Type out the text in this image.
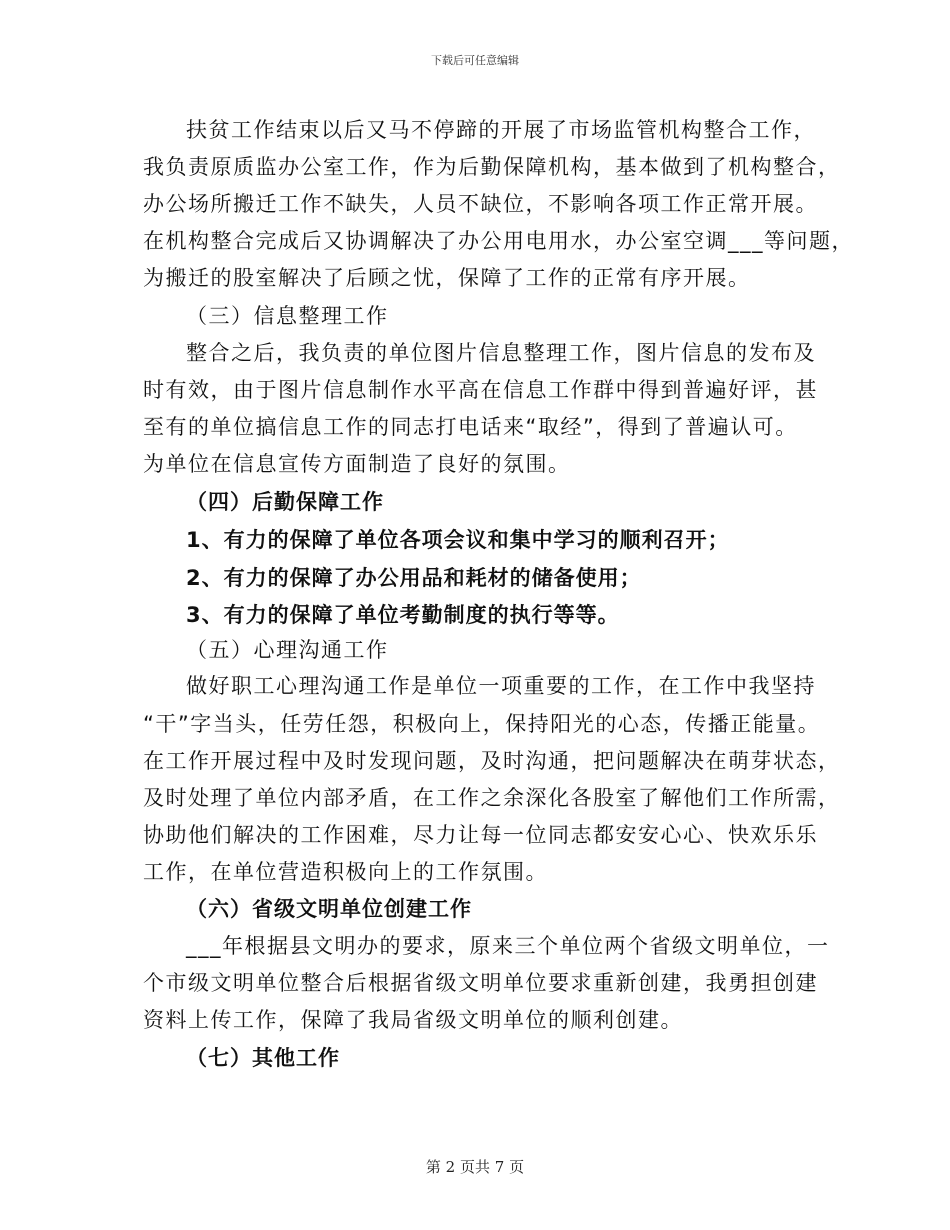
下载后可任意编辑
扶贫工作结束以后又马不停蹄的开展了市场监管机构整合工作，
我负责原质监办公室工作，作为后勤保障机构，基本做到了机构整合，
办公场所搬迁工作不缺失，人员不缺位，不影响各项工作正常开展。
在机构整合完成后又协调解决了办公用电用水，办公室空调___等问题，
为搬迁的股室解决了后顾之忧，保障了工作的正常有序开展。
（三）信息整理工作
整合之后，我负责的单位图片信息整理工作，图片信息的发布及
时有效，由于图片信息制作水平高在信息工作群中得到普遍好评，甚
至有的单位搞信息工作的同志打电话来“取经”，得到了普遍认可。
为单位在信息宣传方面制造了良好的氛围。
（四）后勤保障工作
1、有力的保障了单位各项会议和集中学习的顺利召开；
2、有力的保障了办公用品和耗材的储备使用；
3、有力的保障了单位考勤制度的执行等等。
（五）心理沟通工作
做好职工心理沟通工作是单位一项重要的工作，在工作中我坚持
“干”字当头，任劳任怨，积极向上，保持阳光的心态，传播正能量。
在工作开展过程中及时发现问题，及时沟通，把问题解决在萌芽状态，
及时处理了单位内部矛盾，在工作之余深化各股室了解他们工作所需，
协助他们解决的工作困难，尽力让每一位同志都安安心心、快欢乐乐
工作，在单位营造积极向上的工作氛围。
（六）省级文明单位创建工作
___年根据县文明办的要求，原来三个单位两个省级文明单位，一
个市级文明单位整合后根据省级文明单位要求重新创建，我勇担创建
资料上传工作，保障了我局省级文明单位的顺利创建。
（七）其他工作
第 2 页共 7 页
